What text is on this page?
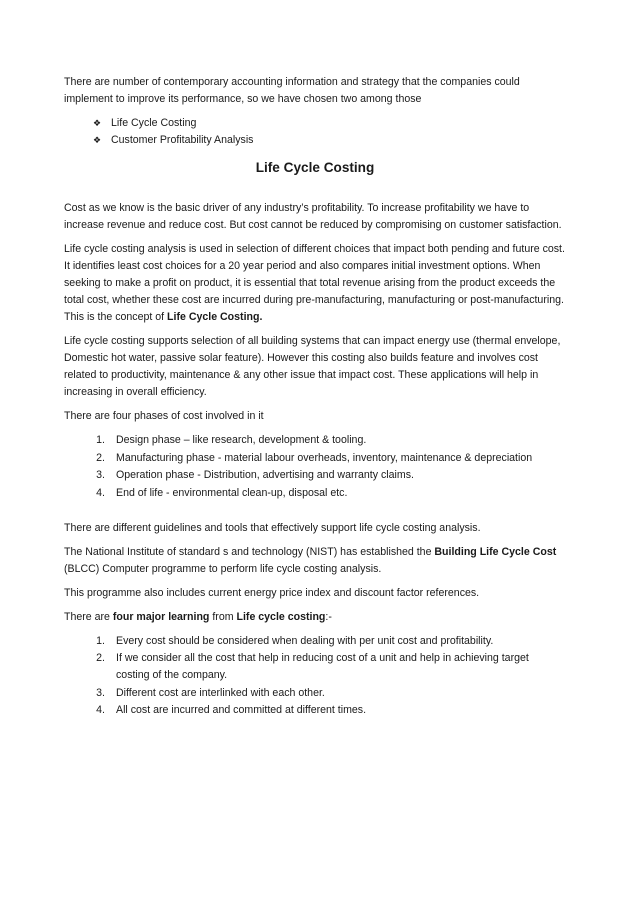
There are number of contemporary accounting information and strategy that the companies could implement to improve its performance, so we have chosen two among those

❖ Life Cycle Costing
❖ Customer Profitability Analysis
Life Cycle Costing

Cost as we know is the basic driver of any industry’s profitability. To increase profitability we have to increase revenue and reduce cost. But cost cannot be reduced by compromising on customer satisfaction.

Life cycle costing analysis is used in selection of different choices that impact both pending and future cost. It identifies least cost choices for a 20 year period and also compares initial investment options. When seeking to make a profit on product, it is essential that total revenue arising from the product exceeds the total cost, whether these cost are incurred during pre-manufacturing, manufacturing or post-manufacturing. This is the concept of Life Cycle Costing.

Life cycle costing supports selection of all building systems that can impact energy use (thermal envelope, Domestic hot water, passive solar feature). However this costing also builds feature and involves cost related to productivity, maintenance & any other issue that impact cost. These applications will help in increasing in overall efficiency.

There are four phases of cost involved in it

1.	Design phase – like research, development & tooling.
2.	Manufacturing phase - material labour overheads, inventory, maintenance & depreciation
3.	Operation phase - Distribution, advertising and warranty claims.
4.	End of life - environmental clean-up, disposal etc.

There are different guidelines and tools that effectively support life cycle costing analysis.

The National Institute of standard s and technology (NIST) has established the Building Life Cycle Cost (BLCC) Computer programme to perform life cycle costing analysis.

This programme also includes current energy price index and discount factor references.

There are four major learning from Life cycle costing:-

1.	Every cost should be considered when dealing with per unit cost and profitability.
2.	If we consider all the cost that help in reducing cost of a unit and help in achieving target costing of the company.
3.	Different cost are interlinked with each other.
4.	All cost are incurred and committed at different times.
